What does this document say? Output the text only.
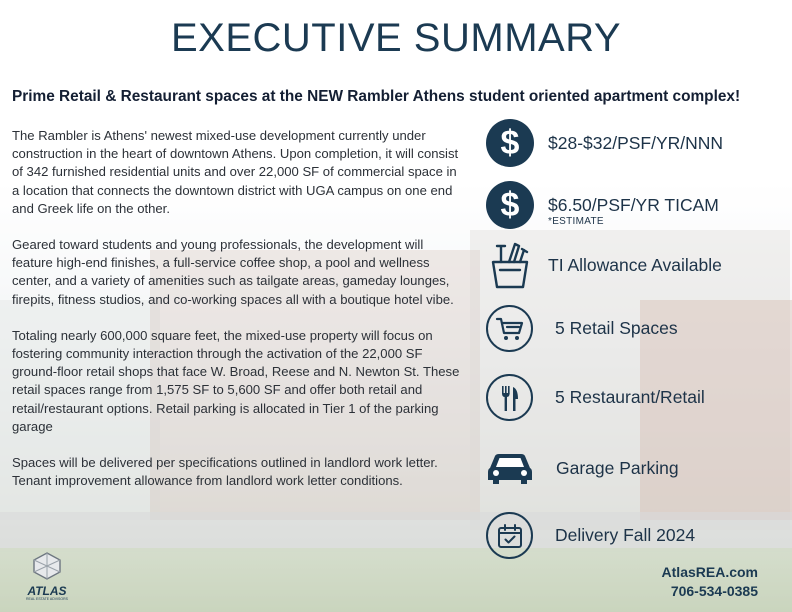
EXECUTIVE SUMMARY
Prime Retail & Restaurant spaces at the NEW Rambler Athens student oriented apartment complex!

The Rambler is Athens' newest mixed-use development currently under construction in the heart of downtown Athens. Upon completion, it will consist of 342 furnished residential units and over 22,000 SF of commercial space in a location that connects the downtown district with UGA campus on one end and Greek life on the other.

Geared toward students and young professionals, the development will feature high-end finishes, a full-service coffee shop, a pool and wellness center, and a variety of amenities such as tailgate areas, gameday lounges, firepits, fitness studios, and co-working spaces all with a boutique hotel vibe.

Totaling nearly 600,000 square feet, the mixed-use property will focus on fostering community interaction through the activation of the 22,000 SF ground-floor retail shops that face W. Broad, Reese and N. Newton St. These retail spaces range from 1,575 SF to 5,600 SF and offer both retail and retail/restaurant options. Retail parking is allocated in Tier 1 of the parking garage

Spaces will be delivered per specifications outlined in landlord work letter. Tenant improvement allowance from landlord work letter conditions.

$	$28-$32/PSF/YR/NNN
$	$6.50/PSF/YR TICAM
*ESTIMATE
TI Allowance Available
5 Retail Spaces
5 Restaurant/Retail
Garage Parking
Delivery Fall 2024
ATLAS
REAL ESTATE ADVISORS
AtlasREA.com
706-534-0385
